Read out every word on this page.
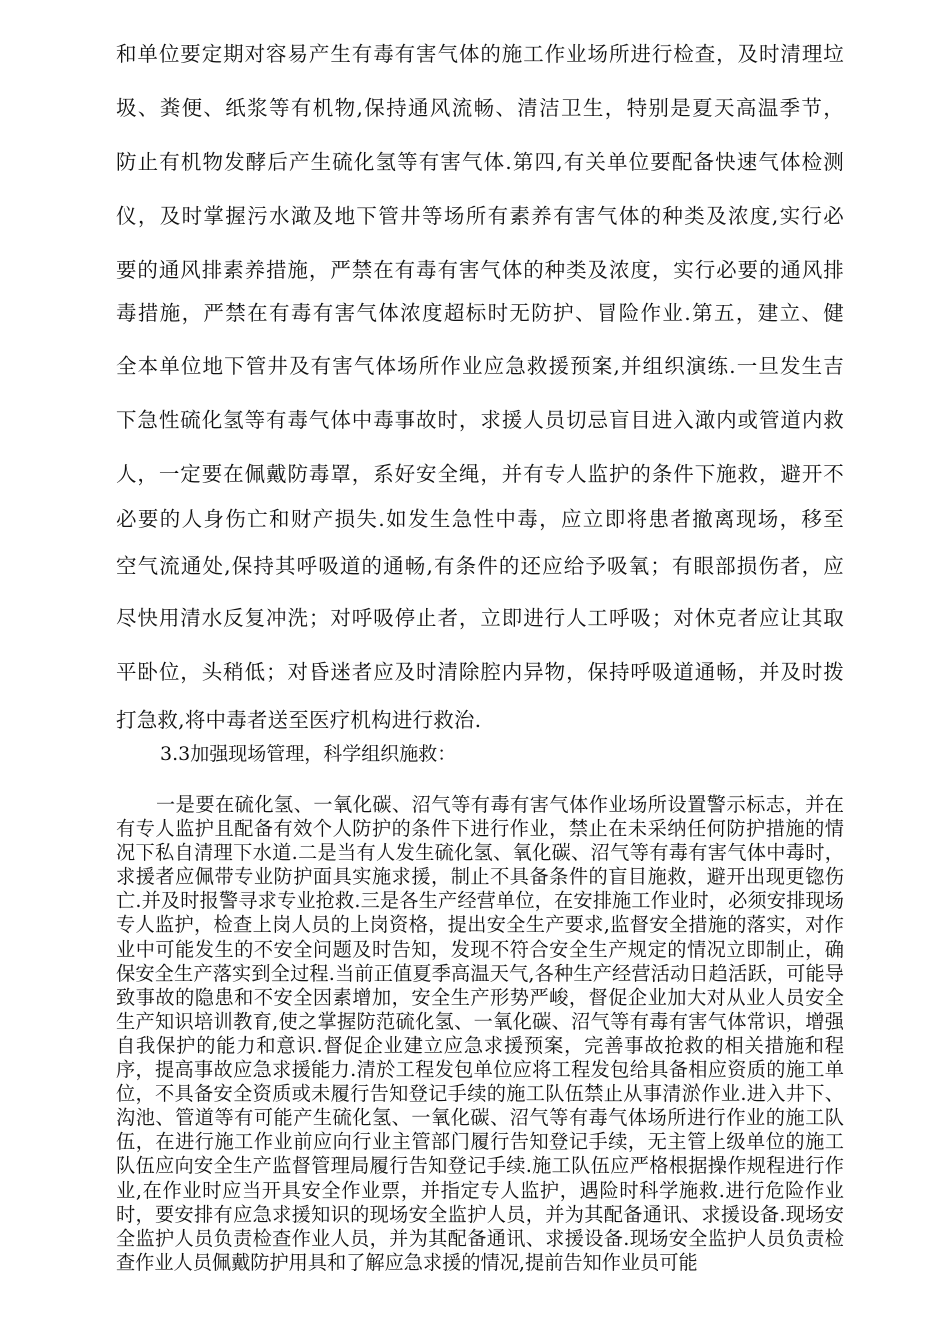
和单位要定期对容易产生有毒有害气体的施工作业场所进行检查，及时清理垃
圾、粪便、纸浆等有机物,保持通风流畅、清洁卫生，特别是夏天高温季节，
防止有机物发酵后产生硫化氢等有害气体.第四,有关单位要配备快速气体检测
仪，及时掌握污水澉及地下管井等场所有素养有害气体的种类及浓度,实行必
要的通风排素养措施，严禁在有毒有害气体的种类及浓度，实行必要的通风排
毒措施，严禁在有毒有害气体浓度超标时无防护、冒险作业.第五，建立、健
全本单位地下管井及有害气体场所作业应急救援预案,并组织演练.一旦发生吉
下急性硫化氢等有毒气体中毒事故时，求援人员切忌盲目进入澉内或管道内救
人，一定要在佩戴防毒罩，系好安全绳，并有专人监护的条件下施救，避开不
必要的人身伤亡和财产损失.如发生急性中毒，应立即将患者撤离现场，移至
空气流通处,保持其呼吸道的通畅,有条件的还应给予吸氧；有眼部损伤者，应
尽快用清水反复冲洗；对呼吸停止者，立即进行人工呼吸；对休克者应让其取
平卧位，头稍低；对昏迷者应及时清除腔内异物，保持呼吸道通畅，并及时拨
打急救,将中毒者送至医疗机构进行救治.
3.3加强现场管理，科学组织施救：

一是要在硫化氢、一氧化碳、沼气等有毒有害气体作业场所设置警示标志，并在有专人监护且配备有效个人防护的条件下进行作业，禁止在未采纳任何防护措施的情况下私自清理下水道.二是当有人发生硫化氢、氧化碳、沼气等有毒有害气体中毒时，求援者应佩带专业防护面具实施求援，制止不具备条件的盲目施救，避开出现更锪伤亡.并及时报警寻求专业抢救.三是各生产经营单位，在安排施工作业时，必须安排现场专人监护，检查上岗人员的上岗资格，提出安全生产要求,监督安全措施的落实，对作业中可能发生的不安全问题及时告知，发现不符合安全生产规定的情况立即制止，确保安全生产落实到全过程.当前正值夏季高温天气,各种生产经营活动日趋活跃，可能导致事故的隐患和不安全因素增加，安全生产形势严峻，督促企业加大对从业人员安全生产知识培训教育,使之掌握防范硫化氢、一氧化碳、沼气等有毒有害气体常识，增强自我保护的能力和意识.督促企业建立应急求援预案，完善事故抢救的相关措施和程序，提高事故应急求援能力.清於工程发包单位应将工程发包给具备相应资质的施工单位，不具备安全资质或未履行告知登记手续的施工队伍禁止从事清淤作业.进入井下、沟池、管道等有可能产生硫化氢、一氧化碳、沼气等有毒气体场所进行作业的施工队伍，在进行施工作业前应向行业主管部门履行告知登记手续，无主管上级单位的施工队伍应向安全生产监督管理局履行告知登记手续.施工队伍应严格根据操作规程进行作业,在作业时应当开具安全作业票，并指定专人监护，遇险时科学施救.进行危险作业时，要安排有应急求援知识的现场安全监护人员，并为其配备通讯、求援设备.现场安全监护人员负责检查作业人员，并为其配备通讯、求援设备.现场安全监护人员负责检查作业人员佩戴防护用具和了解应急求援的情况,提前告知作业员可能
